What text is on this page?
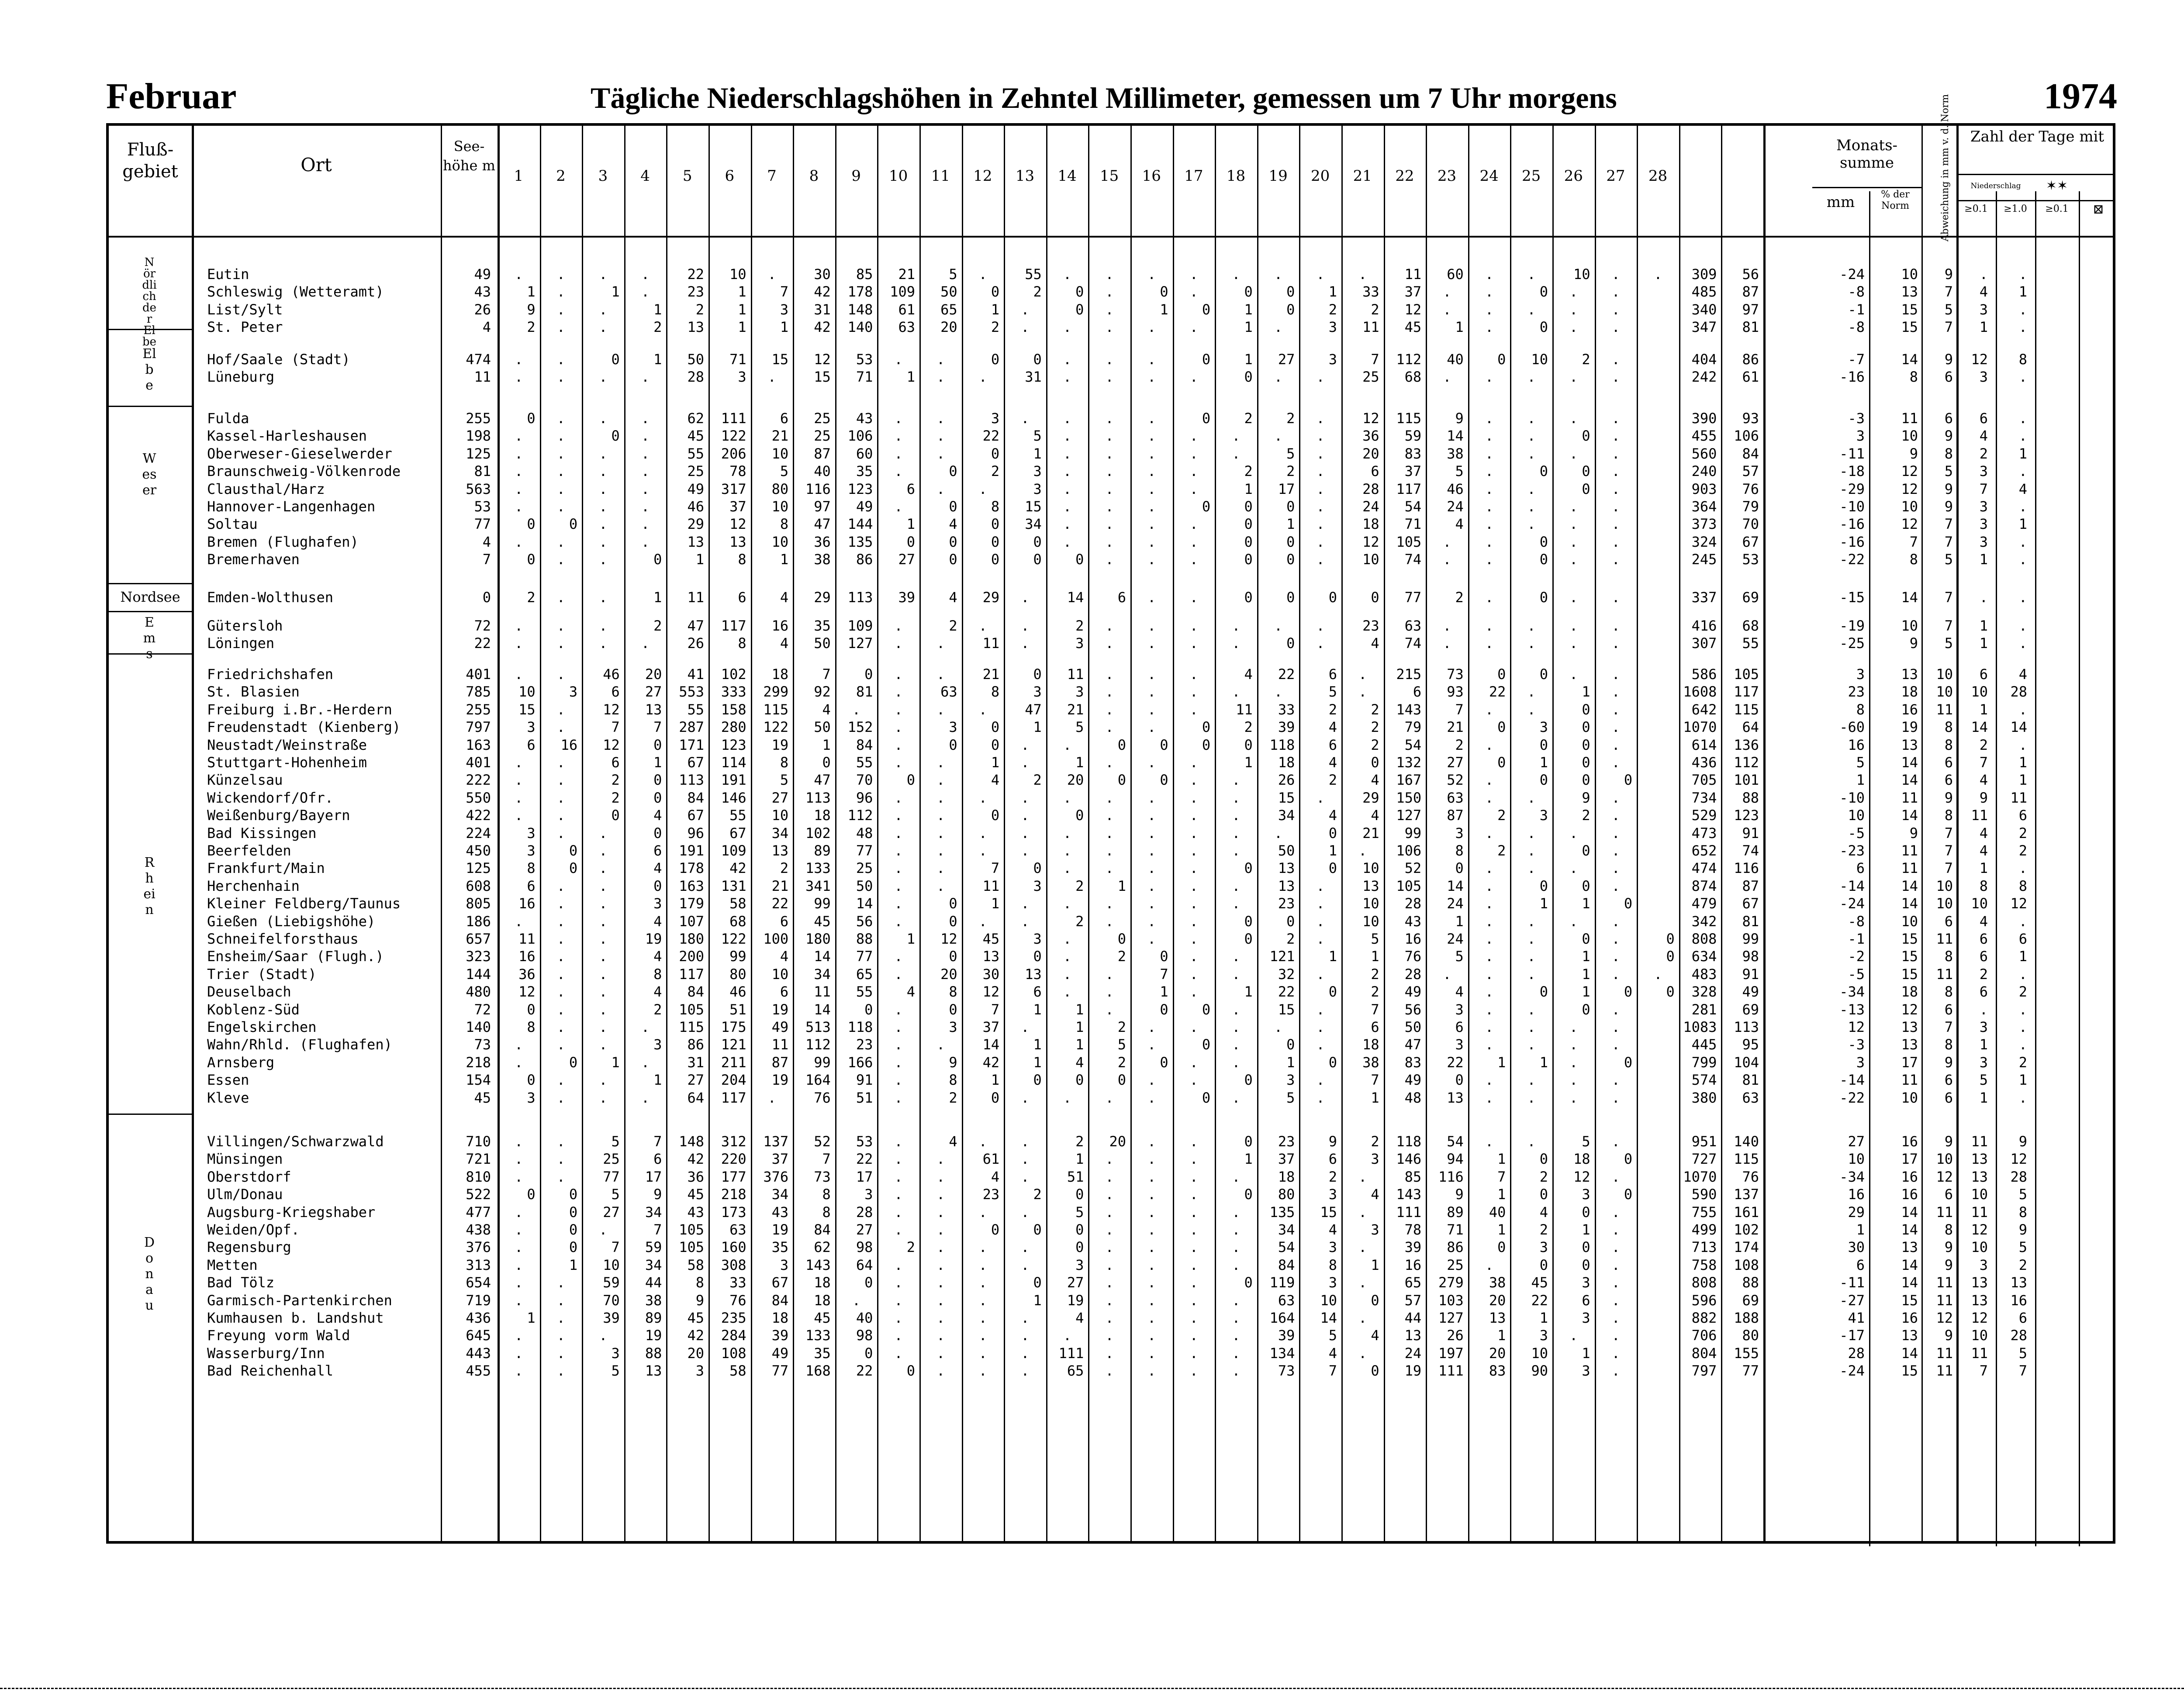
Februar	Tägliche Niederschlagshöhen in Zehntel Millimeter, gemessen um 7 Uhr morgens	1974
Fluß-gebiet	Ort
See-höhe m
Monats-summe
mm	% der Norm	Abweichung in mm v. d. Norm	Zahl der Tage mit
Niederschlag	✶✶
≥0.1	≥1.0	≥0.1	⊠
1	2	3	4	5	6	7	8	9	10	11	12	13	14	15	16	17	18	19	20	21	22	23	24	25	26	27	28
Nördlich der Elbe
Eutin	49	.	.	.	.	22	10	.	30	85	21	5	.	55	.	.	.	.	.	.	.	.	11	60	.	.	10	.	.	309	56	-24	10	9	.	.
Schleswig (Wetteramt)	43	1	.	1	.	23	1	7	42	178	109	50	0	2	0	.	0	.	0	0	1	33	37	.	.	0	.	.	485	87	-8	13	7	4	1
List/Sylt	26	9	.	.	1	2	1	3	31	148	61	65	1	.	0	.	1	0	1	0	2	2	12	.	.	.	.	.	340	97	-1	15	5	3	.
St. Peter	4	2	.	.	2	13	1	1	42	140	63	20	2	.	.	.	.	.	1	.	3	11	45	1	.	0	.	.	347	81	-8	15	7	1	.
Elbe
Hof/Saale (Stadt)	474	.	.	0	1	50	71	15	12	53	.	.	0	0	.	.	.	0	1	27	3	7	112	40	0	10	2	.	404	86	-7	14	9	12	8
Lüneburg	11	.	.	.	.	28	3	.	15	71	1	.	.	31	.	.	.	.	0	.	.	25	68	.	.	.	.	.	242	61	-16	8	6	3	.
Weser
Fulda	255	0	.	.	.	62	111	6	25	43	.	.	3	.	.	.	.	0	2	2	.	12	115	9	.	.	.	.	390	93	-3	11	6	6	.
Kassel-Harleshausen	198	.	.	0	.	45	122	21	25	106	.	.	22	5	.	.	.	.	.	.	.	36	59	14	.	.	0	.	455	106	3	10	9	4	.
Oberweser-Gieselwerder	125	.	.	.	.	55	206	10	87	60	.	.	0	1	.	.	.	.	.	5	.	20	83	38	.	.	.	.	560	84	-11	9	8	2	1
Braunschweig-Völkenrode	81	.	.	.	.	25	78	5	40	35	.	0	2	3	.	.	.	.	2	2	.	6	37	5	.	0	0	.	240	57	-18	12	5	3	.
Clausthal/Harz	563	.	.	.	.	49	317	80	116	123	6	.	.	3	.	.	.	.	1	17	.	28	117	46	.	.	0	.	903	76	-29	12	9	7	4
Hannover-Langenhagen	53	.	.	.	.	46	37	10	97	49	.	0	8	15	.	.	.	0	0	0	.	24	54	24	.	.	.	.	364	79	-10	10	9	3	.
Soltau	77	0	0	.	.	29	12	8	47	144	1	4	0	34	.	.	.	.	0	1	.	18	71	4	.	.	.	.	373	70	-16	12	7	3	1
Bremen (Flughafen)	4	.	.	.	.	13	13	10	36	135	0	0	0	0	.	.	.	.	0	0	.	12	105	.	.	0	.	.	324	67	-16	7	7	3	.
Bremerhaven	7	0	.	.	0	1	8	1	38	86	27	0	0	0	0	.	.	.	0	0	.	10	74	.	.	0	.	.	245	53	-22	8	5	1	.
Nordsee	Emden-Wolthusen	0	2	.	.	1	11	6	4	29	113	39	4	29	.	14	6	.	.	0	0	0	0	77	2	.	0	.	.	337	69	-15	14	7	.	.
Ems
Gütersloh	72	.	.	.	2	47	117	16	35	109	.	2	.	.	2	.	.	.	.	.	.	23	63	.	.	.	.	.	416	68	-19	10	7	1	.
Löningen	22	.	.	.	.	26	8	4	50	127	.	.	11	.	3	.	.	.	.	0	.	4	74	.	.	.	.	.	307	55	-25	9	5	1	.
Rhein
Friedrichshafen	401	.	.	46	20	41	102	18	7	0	.	.	21	0	11	.	.	.	4	22	6	.	215	73	0	0	.	.	586	105	3	13	10	6	4
St. Blasien	785	10	3	6	27	553	333	299	92	81	.	63	8	3	3	.	.	.	.	.	5	.	6	93	22	.	1	.	1608	117	23	18	10	10	28
Freiburg i.Br.-Herdern	255	15	.	12	13	55	158	115	4	.	.	.	.	47	21	.	.	.	11	33	2	2	143	7	.	.	0	.	642	115	8	16	11	1	.
Freudenstadt (Kienberg)	797	3	.	7	7	287	280	122	50	152	.	3	0	1	5	.	.	0	2	39	4	2	79	21	0	3	0	.	1070	64	-60	19	8	14	14
Neustadt/Weinstraße	163	6	16	12	0	171	123	19	1	84	.	0	0	.	.	0	0	0	0	118	6	2	54	2	.	0	0	.	614	136	16	13	8	2	.
Stuttgart-Hohenheim	401	.	.	6	1	67	114	8	0	55	.	.	1	.	1	.	.	.	1	18	4	0	132	27	0	1	0	.	436	112	5	14	6	7	1
Künzelsau	222	.	.	2	0	113	191	5	47	70	0	.	4	2	20	0	0	.	.	26	2	4	167	52	.	0	0	0	705	101	1	14	6	4	1
Wickendorf/Ofr.	550	.	.	2	0	84	146	27	113	96	.	.	.	.	.	.	.	.	.	15	.	29	150	63	.	.	9	.	734	88	-10	11	9	9	11
Weißenburg/Bayern	422	.	.	0	4	67	55	10	18	112	.	.	0	.	0	.	.	.	.	34	4	4	127	87	2	3	2	.	529	123	10	14	8	11	6
Bad Kissingen	224	3	.	.	0	96	67	34	102	48	.	.	.	.	.	.	.	.	.	.	0	21	99	3	.	.	.	.	473	91	-5	9	7	4	2
Beerfelden	450	3	0	.	6	191	109	13	89	77	.	.	.	.	.	.	.	.	.	50	1	.	106	8	2	.	0	.	652	74	-23	11	7	4	2
Frankfurt/Main	125	8	0	.	4	178	42	2	133	25	.	.	7	0	.	.	.	.	0	13	0	10	52	0	.	.	.	.	474	116	6	11	7	1	.
Herchenhain	608	6	.	.	0	163	131	21	341	50	.	.	11	3	2	1	.	.	.	13	.	13	105	14	.	0	0	.	874	87	-14	14	10	8	8
Kleiner Feldberg/Taunus	805	16	.	.	3	179	58	22	99	14	.	0	1	.	.	.	.	.	.	23	.	10	28	24	.	1	1	0	479	67	-24	14	10	10	12
Gießen (Liebigshöhe)	186	.	.	.	4	107	68	6	45	56	.	0	.	.	2	.	.	.	0	0	.	10	43	1	.	.	.	.	342	81	-8	10	6	4	.
Schneifelforsthaus	657	11	.	.	19	180	122	100	180	88	1	12	45	3	.	0	.	.	0	2	.	5	16	24	.	.	0	.	0	808	99	-1	15	11	6	6
Ensheim/Saar (Flugh.)	323	16	.	.	4	200	99	4	14	77	.	0	13	0	.	2	0	.	.	121	1	1	76	5	.	.	1	.	0	634	98	-2	15	8	6	1
Trier (Stadt)	144	36	.	.	8	117	80	10	34	65	.	20	30	13	.	.	7	.	.	32	.	2	28	.	.	.	1	.	.	483	91	-5	15	11	2	.
Deuselbach	480	12	.	.	4	84	46	6	11	55	4	8	12	6	.	.	1	.	1	22	0	2	49	4	.	0	1	0	0	328	49	-34	18	8	6	2
Koblenz-Süd	72	0	.	.	2	105	51	19	14	0	.	0	7	1	1	.	0	0	.	15	.	7	56	3	.	.	0	.	281	69	-13	12	6	.	.
Engelskirchen	140	8	.	.	.	115	175	49	513	118	.	3	37	.	1	2	.	.	.	.	.	6	50	6	.	.	.	.	1083	113	12	13	7	3	.
Wahn/Rhld. (Flughafen)	73	.	.	.	3	86	121	11	112	23	.	.	14	1	1	5	.	0	.	0	.	18	47	3	.	.	.	.	445	95	-3	13	8	1	.
Arnsberg	218	.	0	1	.	31	211	87	99	166	.	9	42	1	4	2	0	.	.	1	0	38	83	22	1	1	.	0	799	104	3	17	9	3	2
Essen	154	0	.	.	1	27	204	19	164	91	.	8	1	0	0	0	.	.	0	3	.	7	49	0	.	.	.	.	574	81	-14	11	6	5	1
Kleve	45	3	.	.	.	64	117	.	76	51	.	2	0	.	.	.	.	0	.	5	.	1	48	13	.	.	.	.	380	63	-22	10	6	1	.
Donau
Villingen/Schwarzwald	710	.	.	5	7	148	312	137	52	53	.	4	.	.	2	20	.	.	0	23	9	2	118	54	.	.	5	.	951	140	27	16	9	11	9
Münsingen	721	.	.	25	6	42	220	37	7	22	.	.	61	.	1	.	.	.	1	37	6	3	146	94	1	0	18	0	727	115	10	17	10	13	12
Oberstdorf	810	.	.	77	17	36	177	376	73	17	.	.	4	.	51	.	.	.	.	18	2	.	85	116	7	2	12	.	1070	76	-34	16	12	13	28
Ulm/Donau	522	0	0	5	9	45	218	34	8	3	.	.	23	2	0	.	.	.	0	80	3	4	143	9	1	0	3	0	590	137	16	16	6	10	5
Augsburg-Kriegshaber	477	.	0	27	34	43	173	43	8	28	.	.	.	.	5	.	.	.	.	135	15	.	111	89	40	4	0	.	755	161	29	14	11	11	8
Weiden/Opf.	438	.	0	.	7	105	63	19	84	27	.	.	0	0	0	.	.	.	.	34	4	3	78	71	1	2	1	.	499	102	1	14	8	12	9
Regensburg	376	.	0	7	59	105	160	35	62	98	2	.	.	.	0	.	.	.	.	54	3	.	39	86	0	3	0	.	713	174	30	13	9	10	5
Metten	313	.	1	10	34	58	308	3	143	64	.	.	.	.	3	.	.	.	.	84	8	1	16	25	.	0	0	.	758	108	6	14	9	3	2
Bad Tölz	654	.	.	59	44	8	33	67	18	0	.	.	.	0	27	.	.	.	0	119	3	.	65	279	38	45	3	.	808	88	-11	14	11	13	13
Garmisch-Partenkirchen	719	.	.	70	38	9	76	84	18	.	.	.	.	1	19	.	.	.	.	63	10	0	57	103	20	22	6	.	596	69	-27	15	11	13	16
Kumhausen b. Landshut	436	1	.	39	89	45	235	18	45	40	.	.	.	.	4	.	.	.	.	164	14	.	44	127	13	1	3	.	882	188	41	16	12	12	6
Freyung vorm Wald	645	.	.	.	19	42	284	39	133	98	.	.	.	.	.	.	.	.	.	39	5	4	13	26	1	3	.	.	706	80	-17	13	9	10	28
Wasserburg/Inn	443	.	.	3	88	20	108	49	35	0	.	.	.	.	111	.	.	.	.	134	4	.	24	197	20	10	1	.	804	155	28	14	11	11	5
Bad Reichenhall	455	.	.	5	13	3	58	77	168	22	0	.	.	.	65	.	.	.	.	73	7	0	19	111	83	90	3	.	797	77	-24	15	11	7	7
